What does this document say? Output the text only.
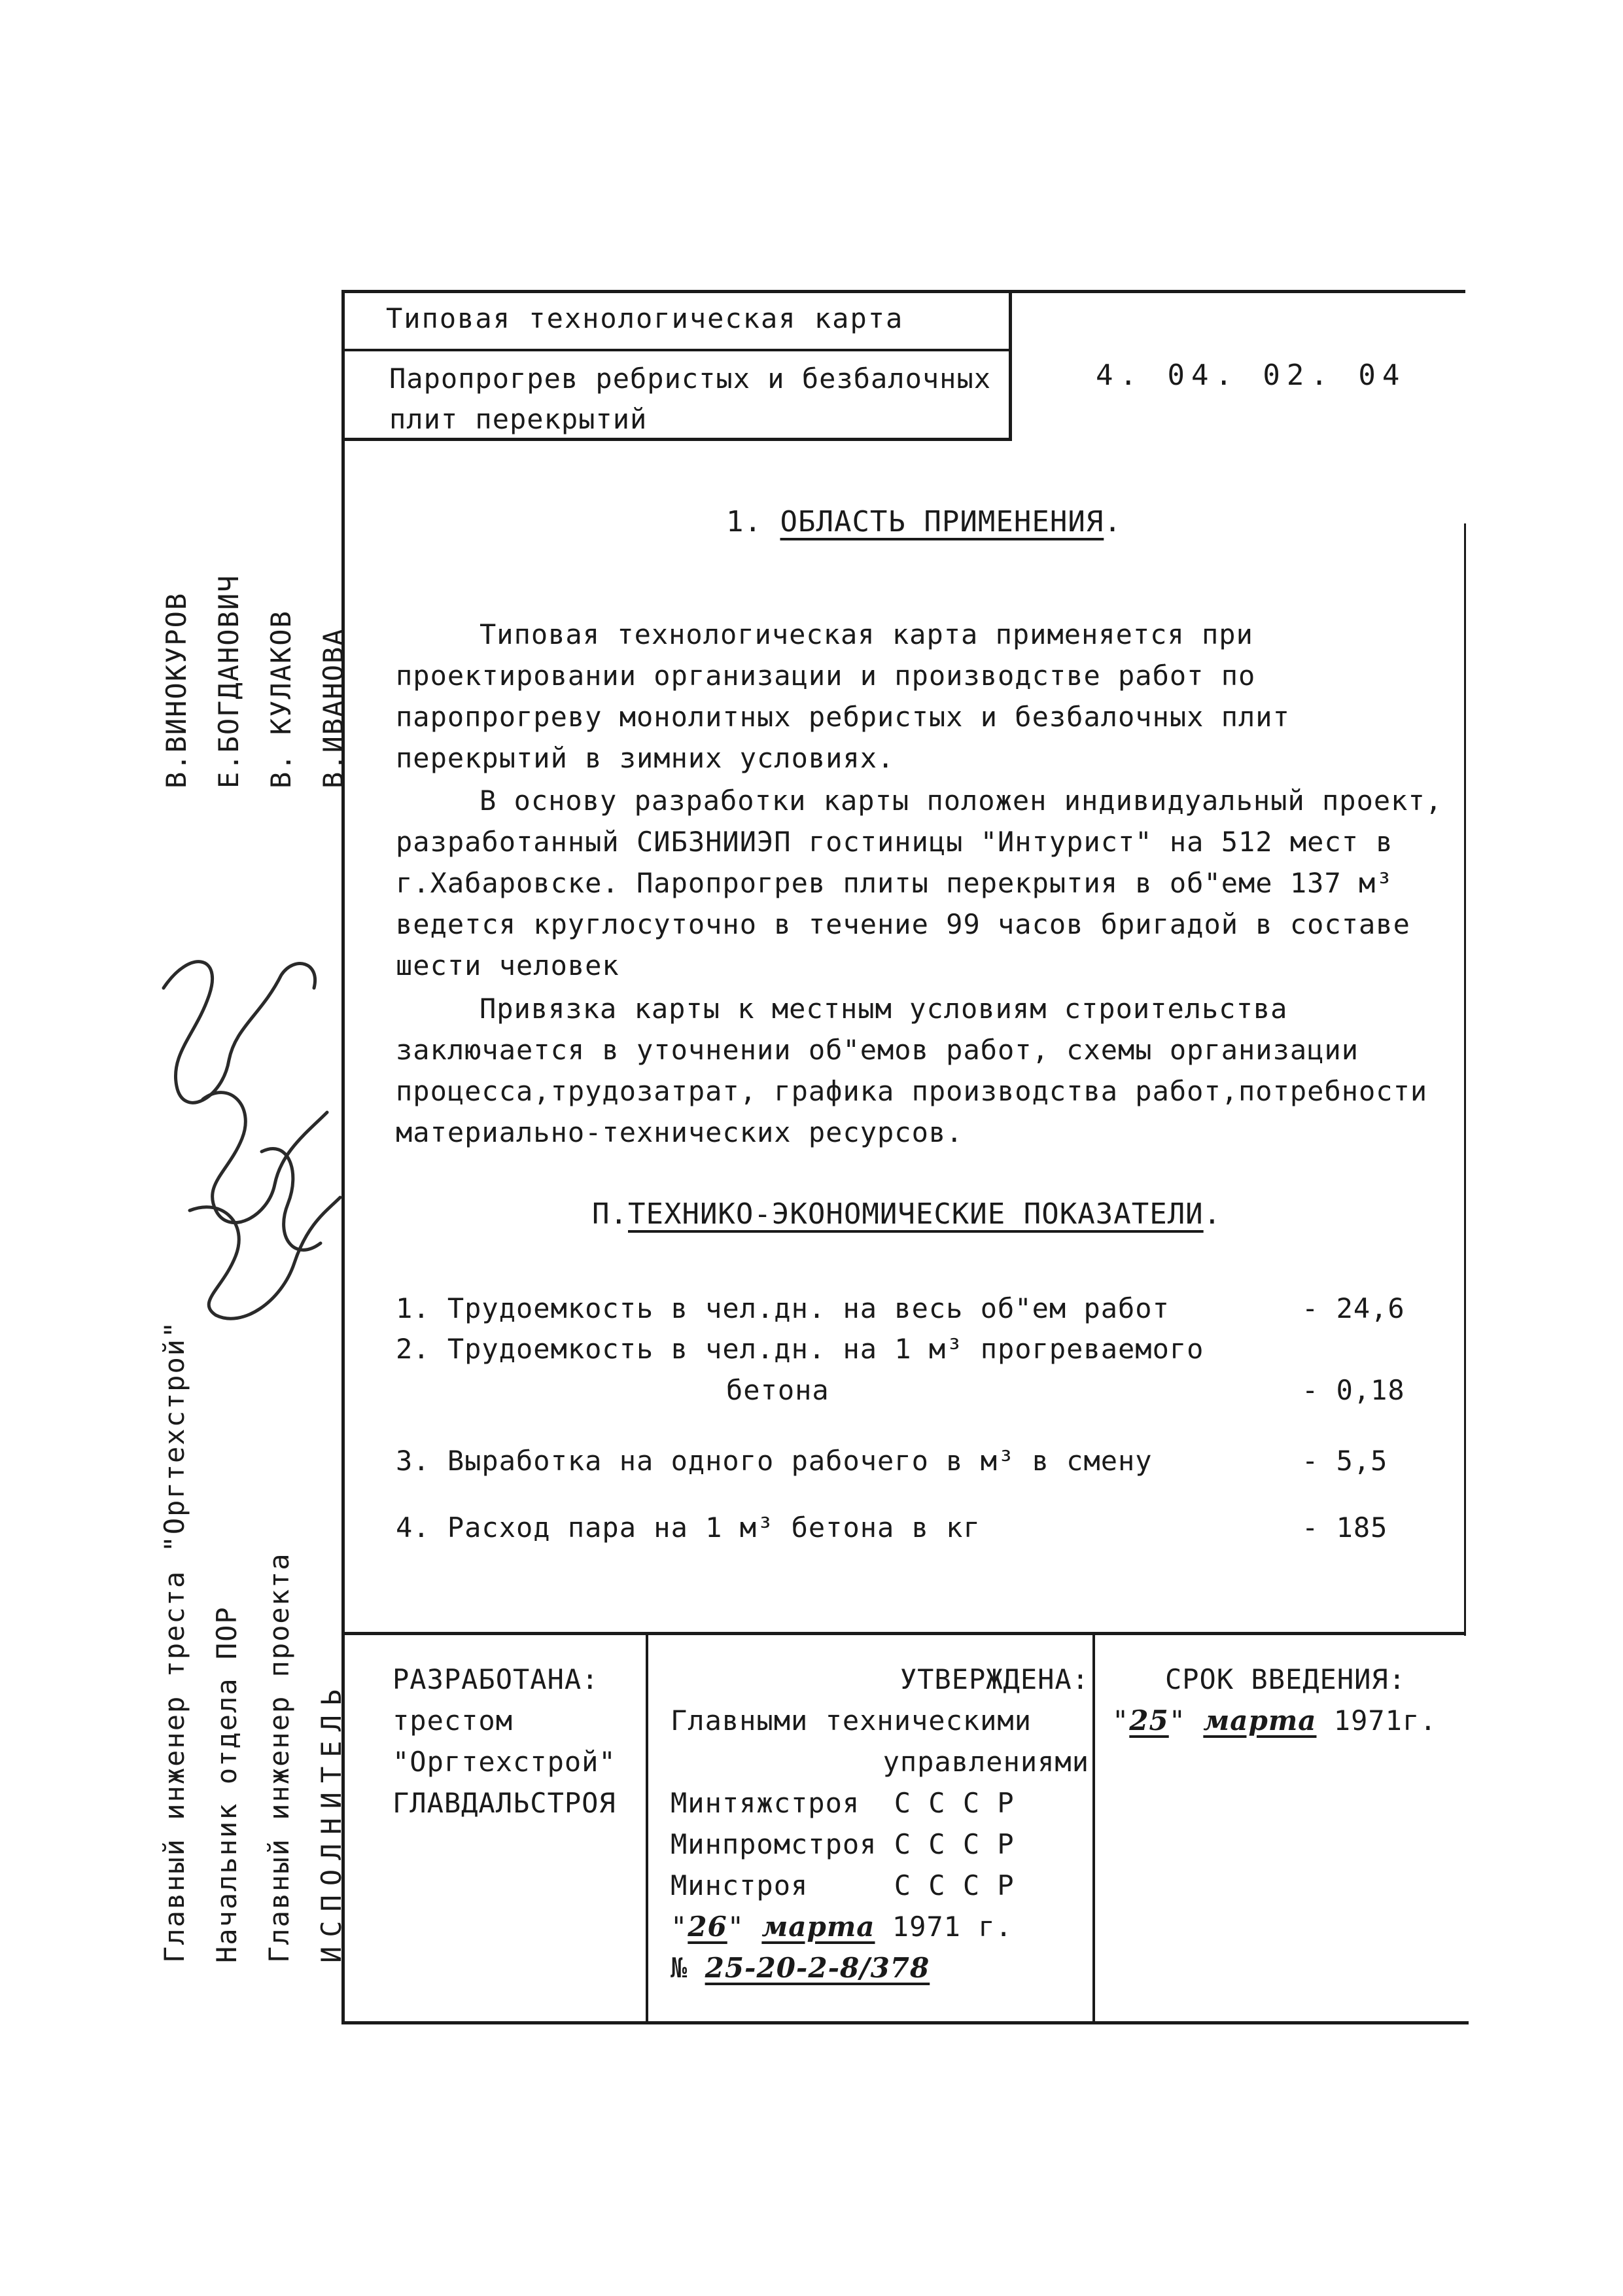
Типовая технологическая карта
Паропрогрев ребристых и безбалочных плит перекрытий
4. 04. 02. 04
1. ОБЛАСТЬ ПРИМЕНЕНИЯ.

Типовая технологическая карта применяется при проектировании организации и производстве работ по паропрогреву монолитных ребристых и безбалочных плит перекрытий в зимних условиях.

В основу разработки карты положен индивидуальный проект, разработанный СИБЗНИИЭП гостиницы "Интурист" на 512 мест в г.Хабаровске. Паропрогрев плиты перекрытия в об"еме 137 м³ ведется круглосуточно в течение 99 часов бригадой в составе шести человек

Привязка карты к местным условиям строительства заключается в уточнении об"емов работ, схемы организации процесса,трудозатрат, графика производства работ,потребности материально-технических ресурсов.

П.ТЕХНИКО-ЭКОНОМИЧЕСКИЕ ПОКАЗАТЕЛИ.
1. Трудоемкость в чел.дн. на весь об"ем работ	- 24,6
2. Трудоемкость в чел.дн. на 1 м³ прогреваемого
бетона	- 0,18
3. Выработка на одного рабочего в м³ в смену	- 5,5
4. Расход пара на 1 м³ бетона в кг	- 185
РАЗРАБОТАНА:
трестом "Оргтехстрой"
ГЛАВДАЛЬСТРОЯ
УТВЕРЖДЕНА:
Главными техническими
управлениями
Минтяжстроя  С С С Р
Минпромстроя С С С Р
Минстроя     С С С Р
"26" марта 1971 г.
№ 25-20-2-8/378
СРОК ВВЕДЕНИЯ:
"25" марта 1971г.
В.ВИНОКУРОВ Е.БОГДАНОВИЧ В. КУЛАКОВ В.ИВАНОВА
Главный инженер треста "Оргтехстрой" Начальник отдела ПОР Главный инженер проекта ИСПОЛНИТЕЛЬ
